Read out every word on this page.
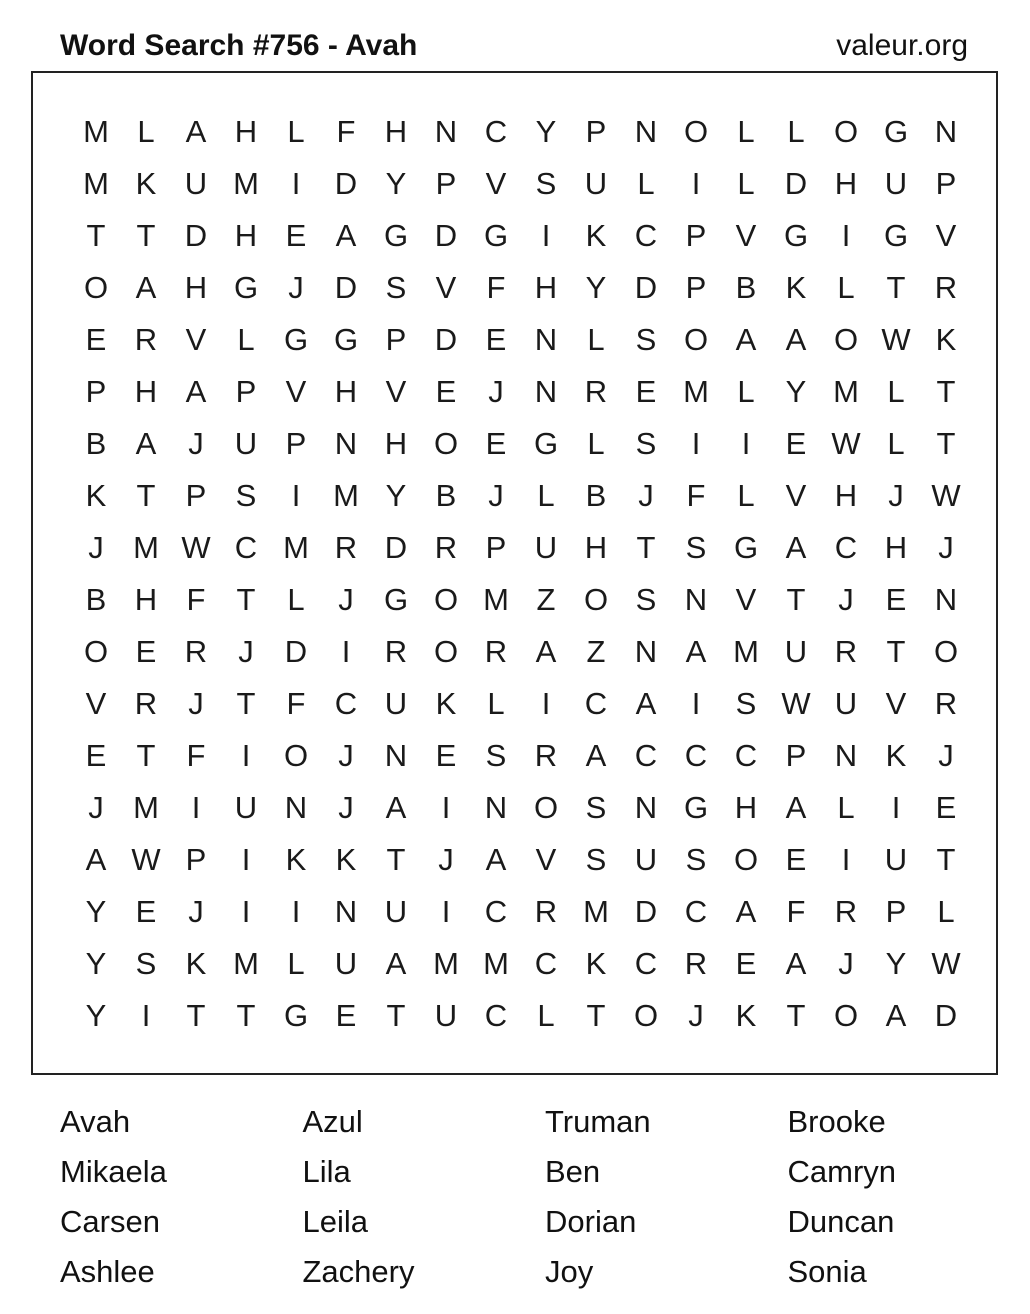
Word Search #756 - Avah	valeur.org
M L	A H L	F H N C Y P N O L	L O G N
M K U M	I	D Y P V S U L	I	L D H U P
T	T D H E A G D G	I	K C P V G	I	G V
O A H G J	D S V F H Y D P B K	L	T R
E R V	L G G P D E N L	S O A A O W K
P H A P V H V E	J	N R E M L	Y M L	T
B A	J	U P N H O E G L	S	I	I	E W L	T
K T P S	I	M Y B	J	L	B	J	F	L	V H	J W
J M W C M R D R P U H T S G A C H	J
B H F	T	L	J G O M Z O S N V T	J	E N
O E R	J	D	I	R O R A Z N A M U R T O
V R	J	T	F C U K	L	I	C A	I	S W U V R
E T	F	I	O J	N E S R A C C C P N K	J
J M	I	U N	J	A	I	N O S N G H A	L	I	E
A W P	I	K K T	J	A V S U S O E	I	U T
Y E	J	I	I	N U	I	C R M D C A F R P	L
Y S K M L U A M M C K C R E A	J	Y W
Y	I	T	T G E T U C L	T O J	K T O A D
Avah	Azul	Truman	Brooke
Mikaela	Lila	Ben	Camryn
Carsen	Leila	Dorian	Duncan
Ashlee	Zachery	Joy	Sonia
